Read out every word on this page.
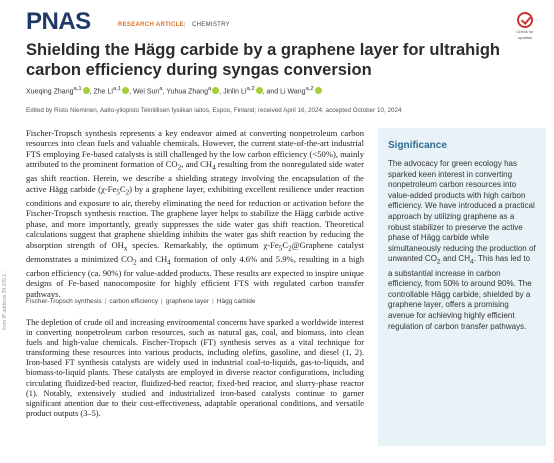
PNAS	RESEARCH ARTICLE | CHEMISTRY
Check for
updates
Shielding the Hägg carbide by a graphene layer for ultrahigh carbon efficiency during syngas conversion
Xueqing Zhang$^{a,1}$ , Zhe Li$^{a,1}$ , Wei Sun$^a$, Yuhua Zhang$^a$ , Jinlin Li$^{a,2}$ , and Li Wang$^{a,2}$
Edited by Risto Nieminen, Aalto-yliopisto Teknillisen fysiikan laitos, Espoo, Finland; received April 16, 2024; accepted October 10, 2024
Fischer-Tropsch synthesis represents a key endeavor aimed at converting nonpetroleum carbon resources into clean fuels and valuable chemicals. However, the current state-of-the-art industrial FTS employing Fe-based catalysts is still challenged by the low carbon efficiency (<50%), mainly attributed to the prominent formation of $CO_2$, and $CH_4$ resulting from the nonregulated side water gas shift reaction. Herein, we describe a shielding strategy involving the encapsulation of the active Hägg carbide $(\chi-Fe_5C_2)$ by a graphene layer, exhibiting excellent resilience under reaction conditions and exposure to air, thereby eliminating the need for reduction or activation before the Fischer-Tropsch synthesis reaction. The graphene layer helps to stabilize the Hägg carbide active phase, and more importantly, greatly suppresses the side water gas shift reaction. Theoretical calculations suggest that graphene shielding inhibits the water gas shift reaction by reducing the absorption strength of $OH_x$ species. Remarkably, the optimum $\chi-Fe_5C_2@Graphene$ catalyst demonstrates a minimized $CO_2$ and $CH_4$ formation of only 4.6% and 5.9%, resulting in a high carbon efficiency (ca. 90%) for value-added products. These results are expected to inspire unique designs of Fe-based nanocomposite for highly efficient FTS with regulated carbon transfer pathways.
Fischer-Tropsch synthesis | carbon efficiency | graphene layer | Hägg carbide
The depletion of crude oil and increasing environmental concerns have sparked a worldwide interest in converting nonpetroleum carbon resources, such as natural gas, coal, and biomass, into clean fuels and high-value chemicals. Fischer-Tropsch (FT) synthesis serves as a vital technique for transforming these resources into various products, including olefins, gasoline, and diesel (1, 2). Iron-based FT synthesis catalysts are widely used in industrial coal-to-liquids, gas-to-liquids, and biomass-to-liquid plants. These catalysts are employed in diverse reactor configurations, including circulating fluidized-bed reactor, fluidized-bed reactor, fixed-bed reactor, and slurry-phase reactor (1). Notably, extensively studied and industrialized iron-based catalysts continue to garner significant attention due to their cost-effectiveness, adaptable operational conditions, and versatile product outputs (3–5).
Significance
The advocacy for green ecology has sparked keen interest in converting nonpetroleum carbon resources into value-added products with high carbon efficiency. We have introduced a practical approach by utilizing graphene as a robust stabilizer to preserve the active phase of Hägg carbide while simultaneously reducing the production of unwanted $CO_2$ and $CH_4$. This has led to a substantial increase in carbon efficiency, from 50% to around 90%. The controllable Hägg carbide, shielded by a graphene layer, offers a promising avenue for achieving highly efficient regulation of carbon transfer pathways.
from IP address 39.105.1...
